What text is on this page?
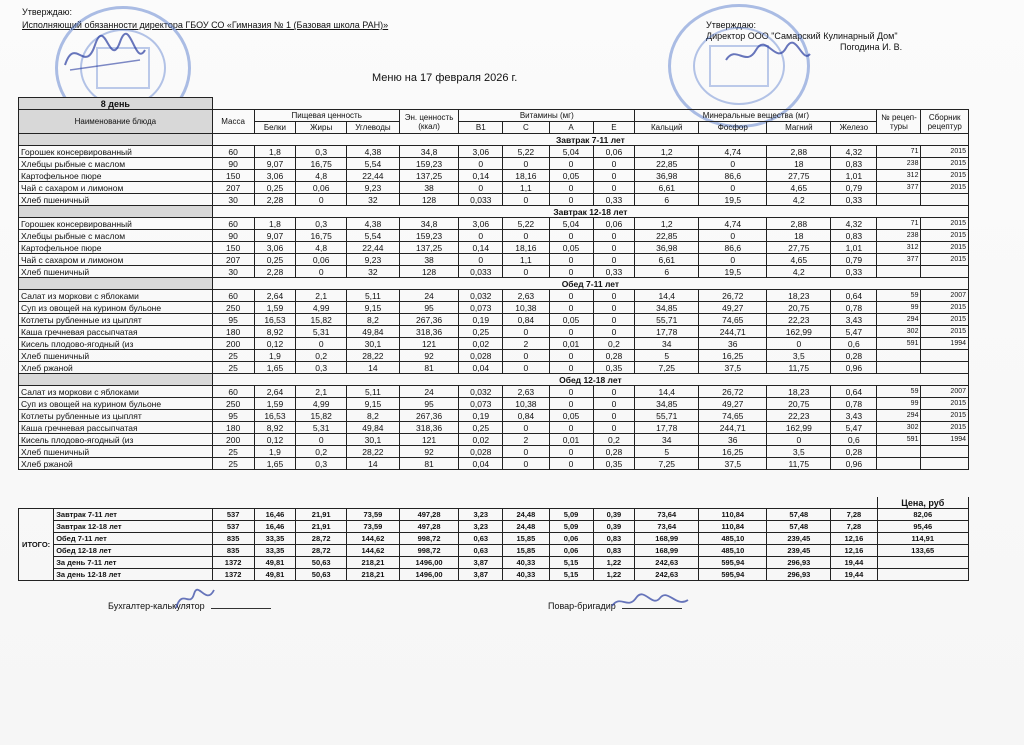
Утверждаю:
Исполняющий обязанности директора ГБОУ СО «Гимназия № 1 (Базовая школа РАН)»	Утверждаю:
Директор ООО "Самарский Кулинарный Дом"
Погодина И. В.
Меню на 17 февраля 2026 г.
8 день															
Наименование блюда	Масса	Пищевая ценность			Эн. ценность (ккал)	Витамины (мг)				Минеральные вещества (мг)				№ рецеп-туры	Сборник рецептур
		Белки	Жиры	Углеводы		B1	C	A	E	Кальций	Фосфор	Магний	Железо		
	Завтрак 7-11 лет														
Горошек консервированный	60	1,8	0,3	4,38	34,8	3,06	5,22	5,04	0,06	1,2	4,74	2,88	4,32	71	2015
Хлебцы рыбные с маслом	90	9,07	16,75	5,54	159,23	0	0	0	0	22,85	0	18	0,83	238	2015
Картофельное пюре	150	3,06	4,8	22,44	137,25	0,14	18,16	0,05	0	36,98	86,6	27,75	1,01	312	2015
Чай с сахаром и лимоном	207	0,25	0,06	9,23	38	0	1,1	0	0	6,61	0	4,65	0,79	377	2015
Хлеб пшеничный	30	2,28	0	32	128	0,033	0	0	0,33	6	19,5	4,2	0,33		
	Завтрак 12-18 лет														
Горошек консервированный	60	1,8	0,3	4,38	34,8	3,06	5,22	5,04	0,06	1,2	4,74	2,88	4,32	71	2015
Хлебцы рыбные с маслом	90	9,07	16,75	5,54	159,23	0	0	0	0	22,85	0	18	0,83	238	2015
Картофельное пюре	150	3,06	4,8	22,44	137,25	0,14	18,16	0,05	0	36,98	86,6	27,75	1,01	312	2015
Чай с сахаром и лимоном	207	0,25	0,06	9,23	38	0	1,1	0	0	6,61	0	4,65	0,79	377	2015
Хлеб пшеничный	30	2,28	0	32	128	0,033	0	0	0,33	6	19,5	4,2	0,33		
	Обед 7-11 лет														
Салат из моркови с яблоками	60	2,64	2,1	5,11	24	0,032	2,63	0	0	14,4	26,72	18,23	0,64	59	2007
Суп из овощей на курином бульоне	250	1,59	4,99	9,15	95	0,073	10,38	0	0	34,85	49,27	20,75	0,78	99	2015
Котлеты рубленные из цыплят	95	16,53	15,82	8,2	267,36	0,19	0,84	0,05	0	55,71	74,65	22,23	3,43	294	2015
Каша гречневая рассыпчатая	180	8,92	5,31	49,84	318,36	0,25	0	0	0	17,78	244,71	162,99	5,47	302	2015
Кисель плодово-ягодный (из	200	0,12	0	30,1	121	0,02	2	0,01	0,2	34	36	0	0,6	591	1994
Хлеб пшеничный	25	1,9	0,2	28,22	92	0,028	0	0	0,28	5	16,25	3,5	0,28		
Хлеб ржаной	25	1,65	0,3	14	81	0,04	0	0	0,35	7,25	37,5	11,75	0,96		
	Обед 12-18 лет														
Салат из моркови с яблоками	60	2,64	2,1	5,11	24	0,032	2,63	0	0	14,4	26,72	18,23	0,64	59	2007
Суп из овощей на курином бульоне	250	1,59	4,99	9,15	95	0,073	10,38	0	0	34,85	49,27	20,75	0,78	99	2015
Котлеты рубленные из цыплят	95	16,53	15,82	8,2	267,36	0,19	0,84	0,05	0	55,71	74,65	22,23	3,43	294	2015
Каша гречневая рассыпчатая	180	8,92	5,31	49,84	318,36	0,25	0	0	0	17,78	244,71	162,99	5,47	302	2015
Кисель плодово-ягодный (из	200	0,12	0	30,1	121	0,02	2	0,01	0,2	34	36	0	0,6	591	1994
Хлеб пшеничный	25	1,9	0,2	28,22	92	0,028	0	0	0,28	5	16,25	3,5	0,28		
Хлеб ржаной	25	1,65	0,3	14	81	0,04	0	0	0,35	7,25	37,5	11,75	0,96		
															Цена, руб
ИТОГО:	Завтрак 7-11 лет	537	16,46	21,91	73,59	497,28	3,23	24,48	5,09	0,39	73,64	110,84	57,48	7,28	82,06
	Завтрак 12-18 лет	537	16,46	21,91	73,59	497,28	3,23	24,48	5,09	0,39	73,64	110,84	57,48	7,28	95,46
	Обед 7-11 лет	835	33,35	28,72	144,62	998,72	0,63	15,85	0,06	0,83	168,99	485,10	239,45	12,16	114,91
	Обед 12-18 лет	835	33,35	28,72	144,62	998,72	0,63	15,85	0,06	0,83	168,99	485,10	239,45	12,16	133,65
	За день 7-11 лет	1372	49,81	50,63	218,21	1496,00	3,87	40,33	5,15	1,22	242,63	595,94	296,93	19,44	
	За день 12-18 лет	1372	49,81	50,63	218,21	1496,00	3,87	40,33	5,15	1,22	242,63	595,94	296,93	19,44	
Бухгалтер-калькулятор	Повар-бригадир
